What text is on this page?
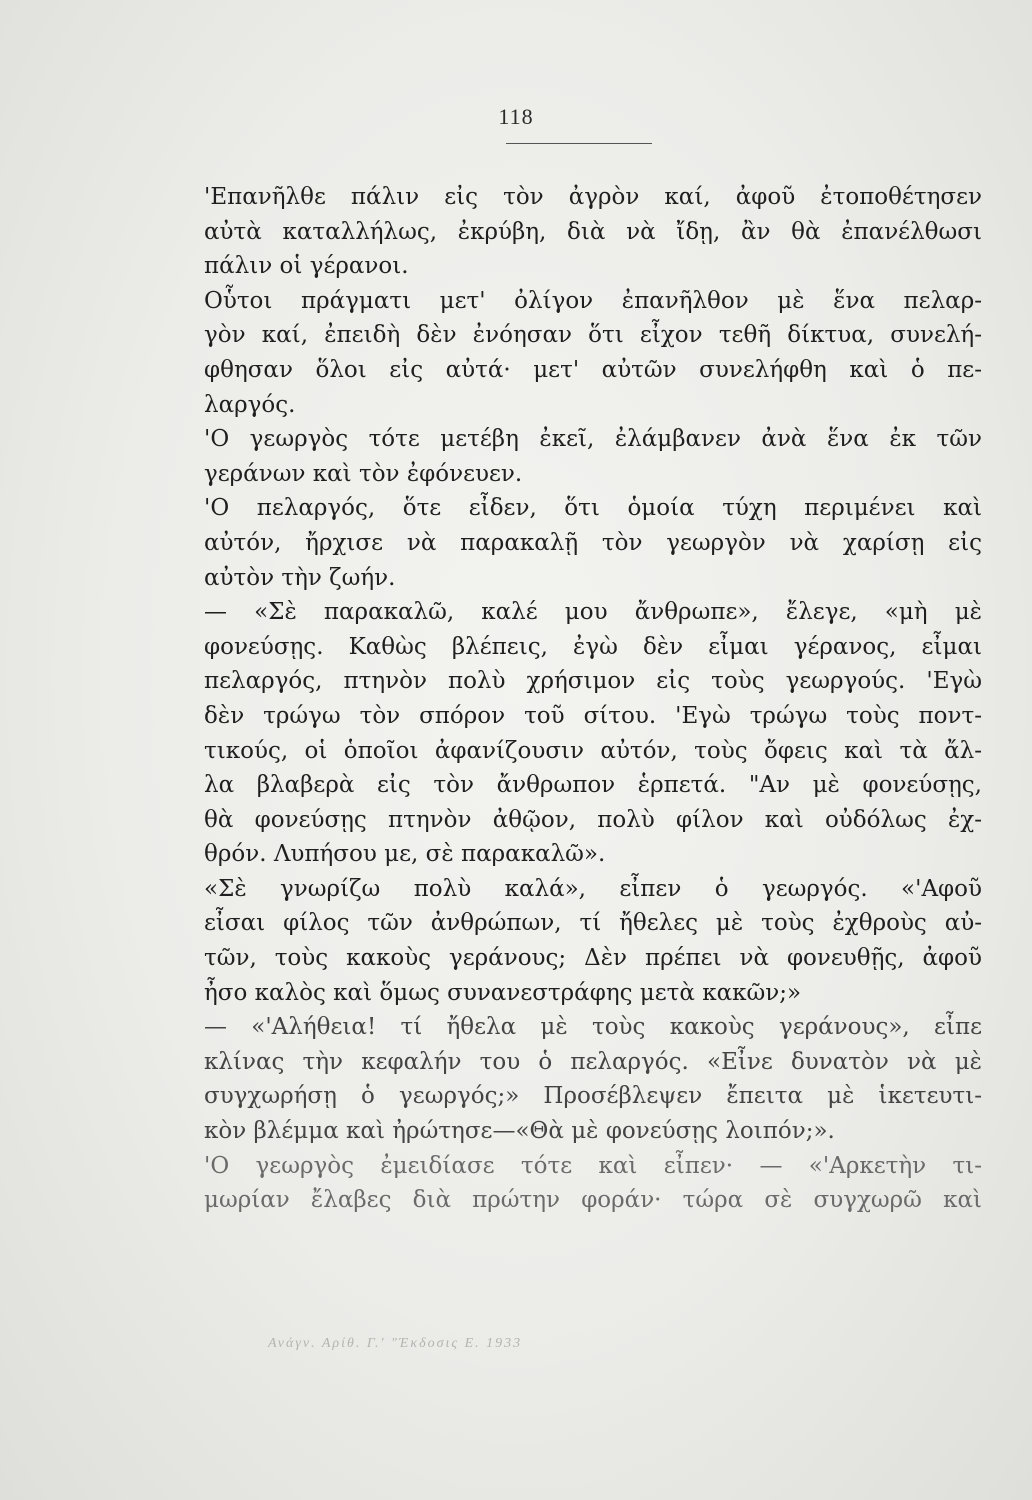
118
'Επανῆλθε πάλιν εἰς τὸν ἀγρὸν καί, ἀφοῦ ἐτοποθέτησεν
αὐτὰ καταλλήλως, ἐκρύβη, διὰ νὰ ἴδῃ, ἂν θὰ ἐπανέλθωσι
πάλιν οἱ γέρανοι.
Οὗτοι πράγματι μετ' ὀλίγον ἐπανῆλθον μὲ ἕνα πελαρ-
γὸν καί, ἐπειδὴ δὲν ἐνόησαν ὅτι εἶχον τεθῆ δίκτυα, συνελή-
φθησαν ὅλοι εἰς αὐτά· μετ' αὐτῶν συνελήφθη καὶ ὁ πε-
λαργός.
'Ο γεωργὸς τότε μετέβη ἐκεῖ, ἐλάμβανεν ἀνὰ ἕνα ἐκ τῶν
γεράνων καὶ τὸν ἐφόνευεν.
'Ο πελαργός, ὅτε εἶδεν, ὅτι ὁμοία τύχη περιμένει καὶ
αὐτόν, ἤρχισε νὰ παρακαλῇ τὸν γεωργὸν νὰ χαρίσῃ εἰς
αὐτὸν τὴν ζωήν.
— «Σὲ παρακαλῶ, καλέ μου ἄνθρωπε», ἔλεγε, «μὴ μὲ
φονεύσῃς. Καθὼς βλέπεις, ἐγὼ δὲν εἶμαι γέρανος, εἶμαι
πελαργός, πτηνὸν πολὺ χρήσιμον εἰς τοὺς γεωργούς. 'Εγὼ
δὲν τρώγω τὸν σπόρον τοῦ σίτου. 'Εγὼ τρώγω τοὺς ποντ-
τικούς, οἱ ὁποῖοι ἀφανίζουσιν αὐτόν, τοὺς ὄφεις καὶ τὰ ἄλ-
λα βλαβερὰ εἰς τὸν ἄνθρωπον ἑρπετά. "Αν μὲ φονεύσῃς,
θὰ φονεύσῃς πτηνὸν ἀθῷον, πολὺ φίλον καὶ οὐδόλως ἐχ-
θρόν. Λυπήσου με, σὲ παρακαλῶ».
«Σὲ γνωρίζω πολὺ καλά», εἶπεν ὁ γεωργός. «'Αφοῦ
εἶσαι φίλος τῶν ἀνθρώπων, τί ἤθελες μὲ τοὺς ἐχθροὺς αὐ-
τῶν, τοὺς κακοὺς γεράνους; Δὲν πρέπει νὰ φονευθῇς, ἀφοῦ
ἦσο καλὸς καὶ ὅμως συνανεστράφης μετὰ κακῶν;»
— «'Αλήθεια! τί ἤθελα μὲ τοὺς κακοὺς γεράνους», εἶπε
κλίνας τὴν κεφαλήν του ὁ πελαργός. «Εἶνε δυνατὸν νὰ μὲ
συγχωρήσῃ ὁ γεωργός;» Προσέβλεψεν ἔπειτα μὲ ἱκετευτι-
κὸν βλέμμα καὶ ἠρώτησε—«Θὰ μὲ φονεύσῃς λοιπόν;».
'Ο γεωργὸς ἐμειδίασε τότε καὶ εἶπεν· — «'Αρκετὴν τι-
μωρίαν ἔλαβες διὰ πρώτην φοράν· τώρα σὲ συγχωρῶ καὶ
Ανάγν. Αρίθ. Γ.' "Έκδοσις Ε. 1933
